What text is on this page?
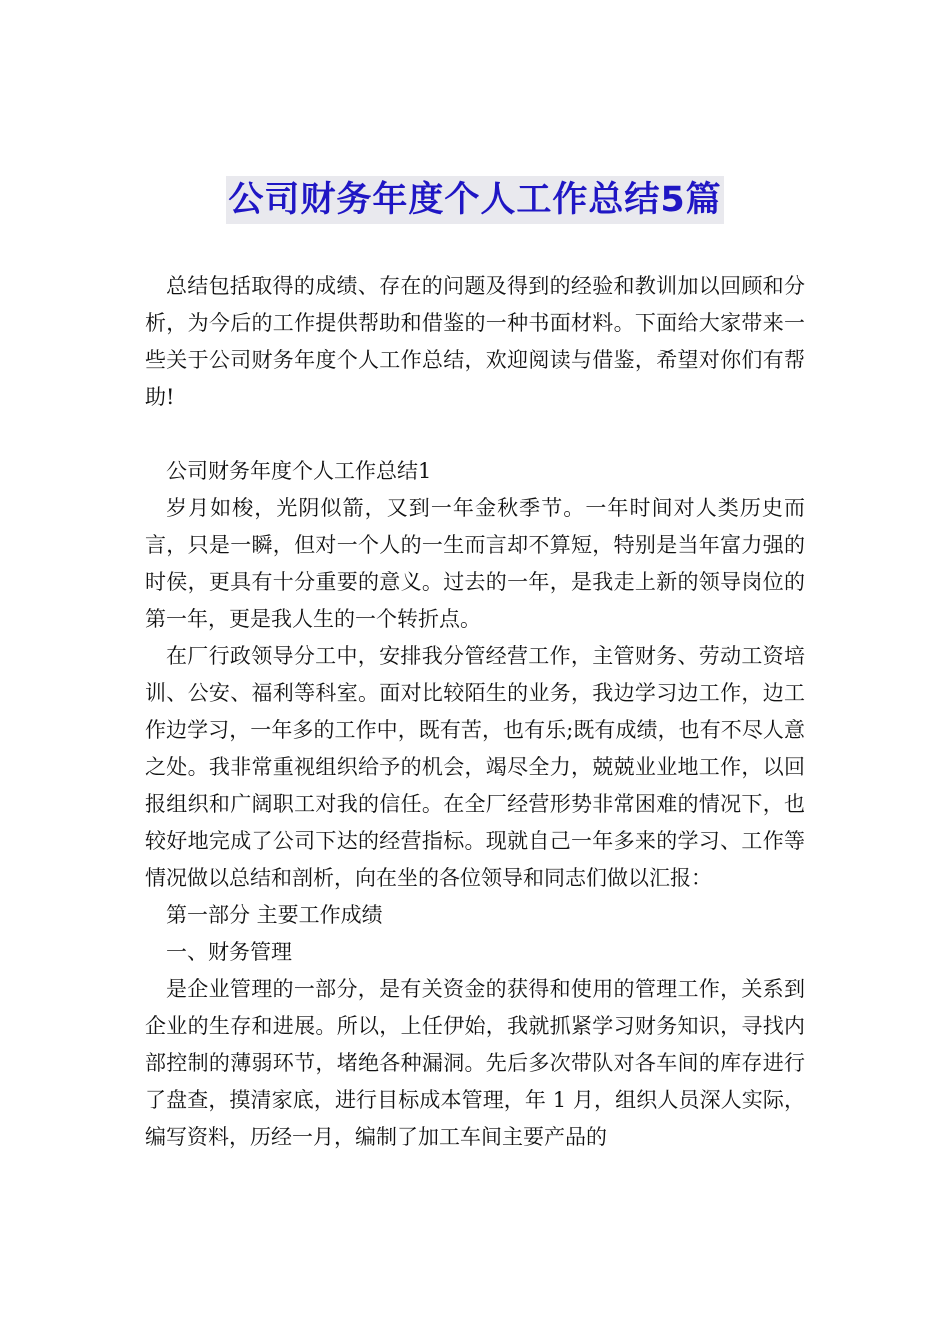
公司财务年度个人工作总结5篇

总结包括取得的成绩、存在的问题及得到的经验和教训加以回顾和分析，为今后的工作提供帮助和借鉴的一种书面材料。下面给大家带来一些关于公司财务年度个人工作总结，欢迎阅读与借鉴，希望对你们有帮助!

公司财务年度个人工作总结1

岁月如梭，光阴似箭，又到一年金秋季节。一年时间对人类历史而言，只是一瞬，但对一个人的一生而言却不算短，特别是当年富力强的时侯，更具有十分重要的意义。过去的一年，是我走上新的领导岗位的第一年，更是我人生的一个转折点。

在厂行政领导分工中，安排我分管经营工作，主管财务、劳动工资培训、公安、福利等科室。面对比较陌生的业务，我边学习边工作，边工作边学习，一年多的工作中，既有苦，也有乐;既有成绩，也有不尽人意之处。我非常重视组织给予的机会，竭尽全力，兢兢业业地工作，以回报组织和广阔职工对我的信任。在全厂经营形势非常困难的情况下，也较好地完成了公司下达的经营指标。现就自己一年多来的学习、工作等情况做以总结和剖析，向在坐的各位领导和同志们做以汇报：

第一部分 主要工作成绩

一、财务管理

是企业管理的一部分，是有关资金的获得和使用的管理工作，关系到企业的生存和进展。所以，上任伊始，我就抓紧学习财务知识，寻找内部控制的薄弱环节，堵绝各种漏洞。先后多次带队对各车间的库存进行了盘查，摸清家底，进行目标成本管理，年 1 月，组织人员深人实际，编写资料，历经一月，编制了加工车间主要产品的
